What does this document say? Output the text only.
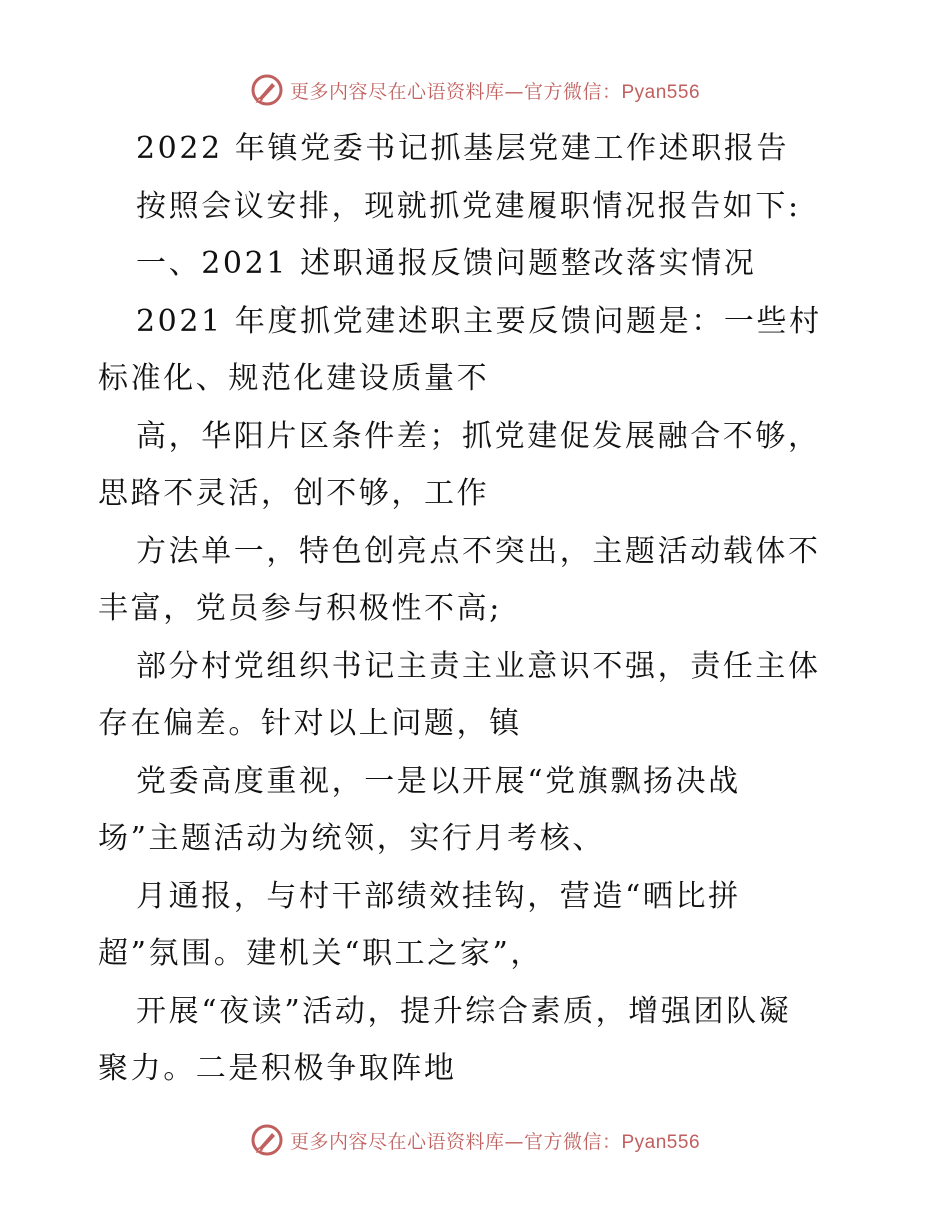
更多内容尽在心语资料库—官方微信：Pyan556
2022 年镇党委书记抓基层党建工作述职报告
按照会议安排，现就抓党建履职情况报告如下:
一、2021 述职通报反馈问题整改落实情况
2021 年度抓党建述职主要反馈问题是：一些村
标准化、规范化建设质量不
高，华阳片区条件差；抓党建促发展融合不够，
思路不灵活，创不够，工作
方法单一，特色创亮点不突出，主题活动载体不
丰富，党员参与积极性不高;
部分村党组织书记主责主业意识不强，责任主体
存在偏差。针对以上问题，镇
党委高度重视，一是以开展“党旗飘扬决战
场”主题活动为统领，实行月考核、
月通报，与村干部绩效挂钩，营造“晒比拼
超”氛围。建机关“职工之家”，
开展“夜读”活动，提升综合素质，增强团队凝
聚力。二是积极争取阵地
更多内容尽在心语资料库—官方微信：Pyan556
